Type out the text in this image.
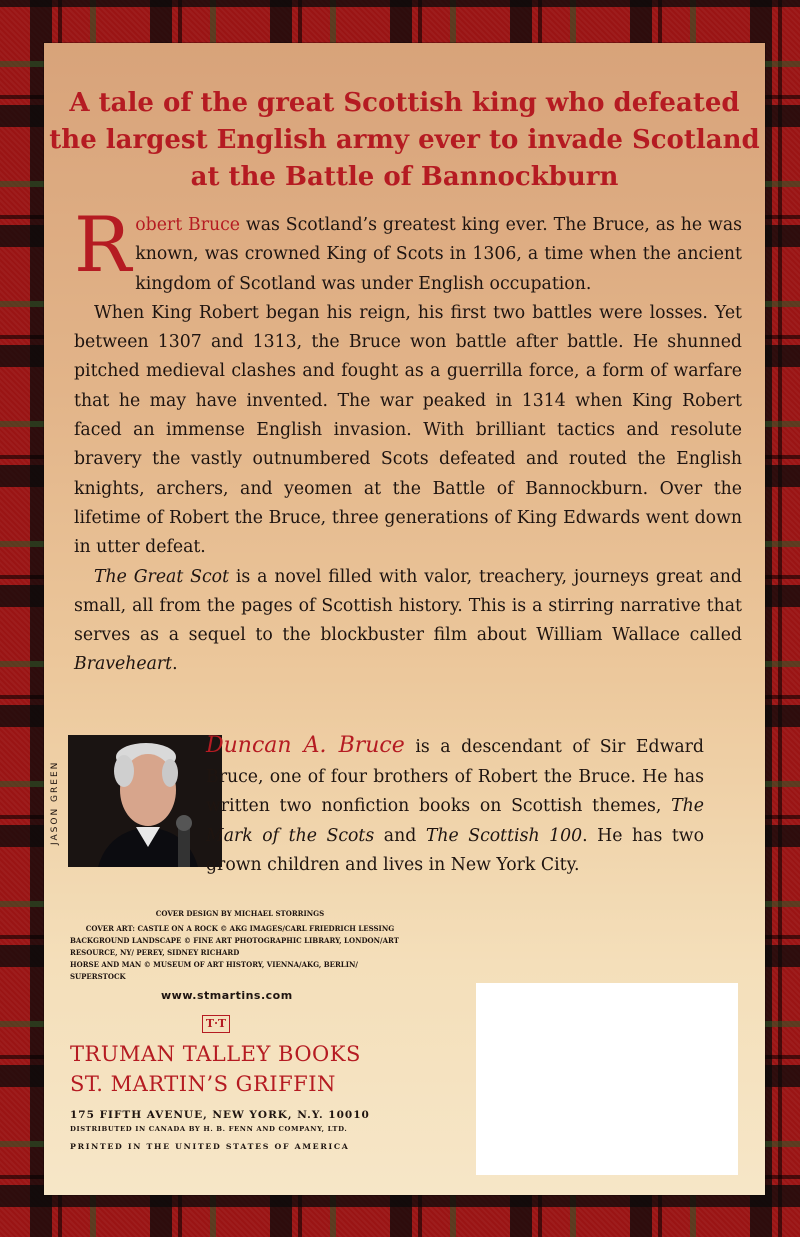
A tale of the great Scottish king who defeated
the largest English army ever to invade Scotland
at the Battle of Bannockburn

Robert Bruce was Scotland’s greatest king ever. The Bruce, as he was known, was crowned King of Scots in 1306, a time when the ancient kingdom of Scotland was under English occupation.

When King Robert began his reign, his first two battles were losses. Yet between 1307 and 1313, the Bruce won battle after battle. He shunned pitched medieval clashes and fought as a guerrilla force, a form of warfare that he may have invented. The war peaked in 1314 when King Robert faced an immense English invasion. With brilliant tactics and resolute bravery the vastly outnumbered Scots defeated and routed the English knights, archers, and yeomen at the Battle of Bannockburn. Over the lifetime of Robert the Bruce, three generations of King Edwards went down in utter defeat.

The Great Scot is a novel filled with valor, treachery, journeys great and small, all from the pages of Scottish history. This is a stirring narrative that serves as a sequel to the blockbuster film about William Wallace called Braveheart.

JASON GREEN

Duncan A. Bruce is a descendant of Sir Edward Bruce, one of four brothers of Robert the Bruce. He has written two nonfiction books on Scottish themes, The Mark of the Scots and The Scottish 100. He has two grown children and lives in New York City.

COVER DESIGN BY MICHAEL STORRINGS
COVER ART: CASTLE ON A ROCK © AKG IMAGES/CARL FRIEDRICH LESSING
BACKGROUND LANDSCAPE © FINE ART PHOTOGRAPHIC LIBRARY, LONDON/ART
RESOURCE, NY/ PEREY, SIDNEY RICHARD
HORSE AND MAN © MUSEUM OF ART HISTORY, VIENNA/AKG, BERLIN/ SUPERSTOCK
www.stmartins.com
T·T
TRUMAN TALLEY BOOKS
ST. MARTIN’S GRIFFIN
175 FIFTH AVENUE, NEW YORK, N.Y. 10010
DISTRIBUTED IN CANADA BY H. B. FENN AND COMPANY, LTD.
PRINTED IN THE UNITED STATES OF AMERICA
